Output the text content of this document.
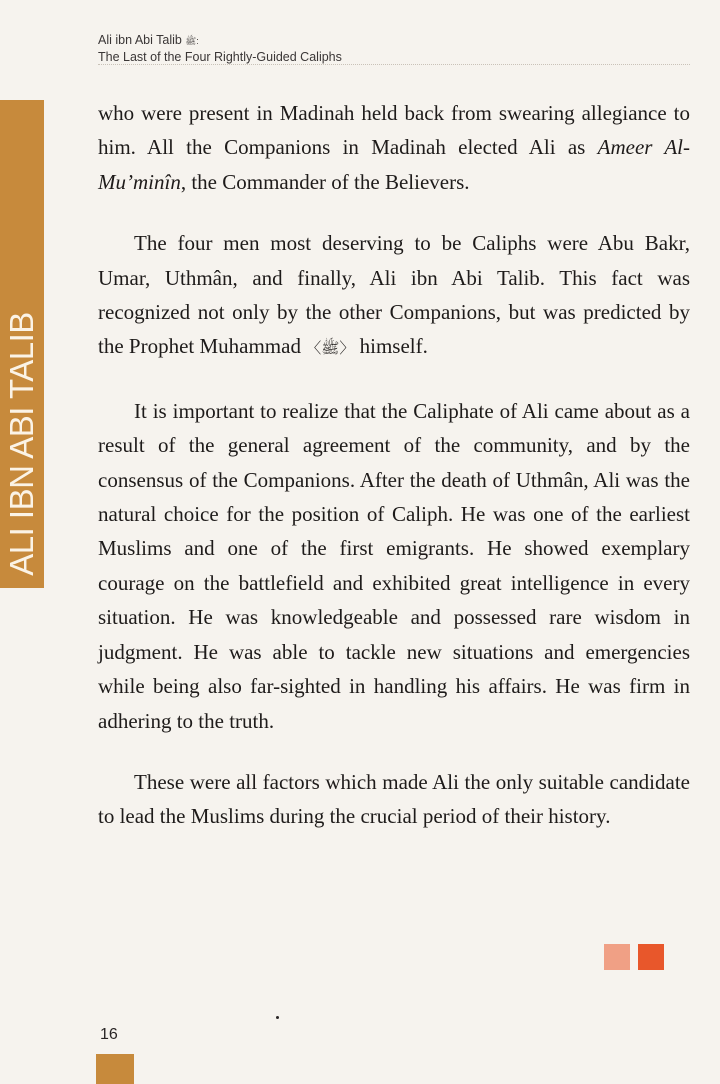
Ali ibn Abi Talib ﷺ:
The Last of the Four Rightly-Guided Caliphs
ALI IBN ABI TALIB

who were present in Madinah held back from swearing allegiance to him. All the Companions in Madinah elected Ali as Ameer Al-Mu’minîn, the Commander of the Believers.

The four men most deserving to be Caliphs were Abu Bakr, Umar, Uthmân, and finally, Ali ibn Abi Talib. This fact was recognized not only by the other Companions, but was predicted by the Prophet Muhammad 〈ﷺ〉 himself.

It is important to realize that the Caliphate of Ali came about as a result of the general agreement of the community, and by the consensus of the Companions. After the death of Uthmân, Ali was the natural choice for the position of Caliph. He was one of the earliest Muslims and one of the first emigrants. He showed exemplary courage on the battlefield and exhibited great intelligence in every situation. He was knowledgeable and possessed rare wisdom in judgment. He was able to tackle new situations and emergencies while being also far-sighted in handling his affairs. He was firm in adhering to the truth.

These were all factors which made Ali the only suitable candidate to lead the Muslims during the crucial period of their history.

16
